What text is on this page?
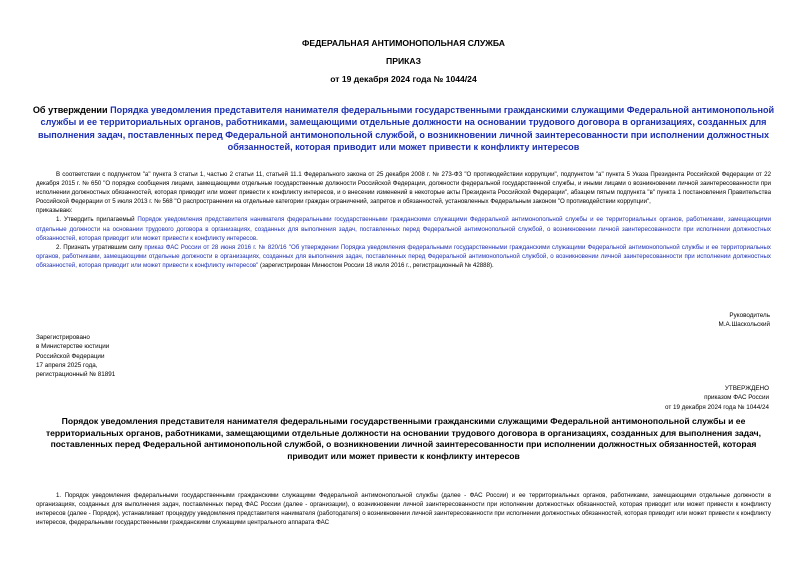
ФЕДЕРАЛЬНАЯ АНТИМОНОПОЛЬНАЯ СЛУЖБА
ПРИКАЗ
от 19 декабря 2024 года № 1044/24
Об утверждении Порядка уведомления представителя нанимателя федеральными государственными гражданскими служащими Федеральной антимонопольной службы и ее территориальных органов, работниками, замещающими отдельные должности на основании трудового договора в организациях, созданных для выполнения задач, поставленных перед Федеральной антимонопольной службой, о возникновении личной заинтересованности при исполнении должностных обязанностей, которая приводит или может привести к конфликту интересов

В соответствии с подпунктом "а" пункта 3 статьи 1, частью 2 статьи 11, статьей 11.1 Федерального закона от 25 декабря 2008 г. № 273-ФЗ "О противодействии коррупции", подпунктом "а" пункта 5 Указа Президента Российской Федерации от 22 декабря 2015 г. № 650 "О порядке сообщения лицами, замещающими отдельные государственные должности Российской Федерации, должности федеральной государственной службы, и иными лицами о возникновении личной заинтересованности при исполнении должностных обязанностей, которая приводит или может привести к конфликту интересов, и о внесении изменений в некоторые акты Президента Российской Федерации", абзацем пятым подпункта "в" пункта 1 постановления Правительства Российской Федерации от 5 июля 2013 г. № 568 "О распространении на отдельные категории граждан ограничений, запретов и обязанностей, установленных Федеральным законом "О противодействии коррупции",

приказываю:

1. Утвердить прилагаемый Порядок уведомления представителя нанимателя федеральными государственными гражданскими служащими Федеральной антимонопольной службы и ее территориальных органов, работниками, замещающими отдельные должности на основании трудового договора в организациях, созданных для выполнения задач, поставленных перед Федеральной антимонопольной службой, о возникновении личной заинтересованности при исполнении должностных обязанностей, которая приводит или может привести к конфликту интересов.

2. Признать утратившим силу приказ ФАС России от 28 июня 2016 г. № 820/16 "Об утверждении Порядка уведомления федеральными государственными гражданскими служащими Федеральной антимонопольной службы и ее территориальных органов, работниками, замещающими отдельные должности в организациях, созданных для выполнения задач, поставленных перед Федеральной антимонопольной службой, о возникновении личной заинтересованности при исполнении должностных обязанностей, которая приводит или может привести к конфликту интересов" (зарегистрирован Минюстом России 18 июля 2016 г., регистрационный № 42888).

Руководитель
М.А.Шаскольский
Зарегистрировано
в Министерстве юстиции
Российской Федерации
17 апреля 2025 года,
регистрационный № 81891
УТВЕРЖДЕНО
приказом ФАС России
от 19 декабря 2024 года № 1044/24
Порядок уведомления представителя нанимателя федеральными государственными гражданскими служащими Федеральной антимонопольной службы и ее территориальных органов, работниками, замещающими отдельные должности на основании трудового договора в организациях, созданных для выполнения задач, поставленных перед Федеральной антимонопольной службой, о возникновении личной заинтересованности при исполнении должностных обязанностей, которая приводит или может привести к конфликту интересов

1. Порядок уведомления федеральными государственными гражданскими служащими Федеральной антимонопольной службы (далее - ФАС России) и ее территориальных органов, работниками, замещающими отдельные должности в организациях, созданных для выполнения задач, поставленных перед ФАС России (далее - организации), о возникновении личной заинтересованности при исполнении должностных обязанностей, которая приводит или может привести к конфликту интересов (далее - Порядок), устанавливает процедуру уведомления представителя нанимателя (работодателя) о возникновении личной заинтересованности при исполнении должностных обязанностей, которая приводит или может привести к конфликту интересов, федеральными государственными гражданскими служащими центрального аппарата ФАС
